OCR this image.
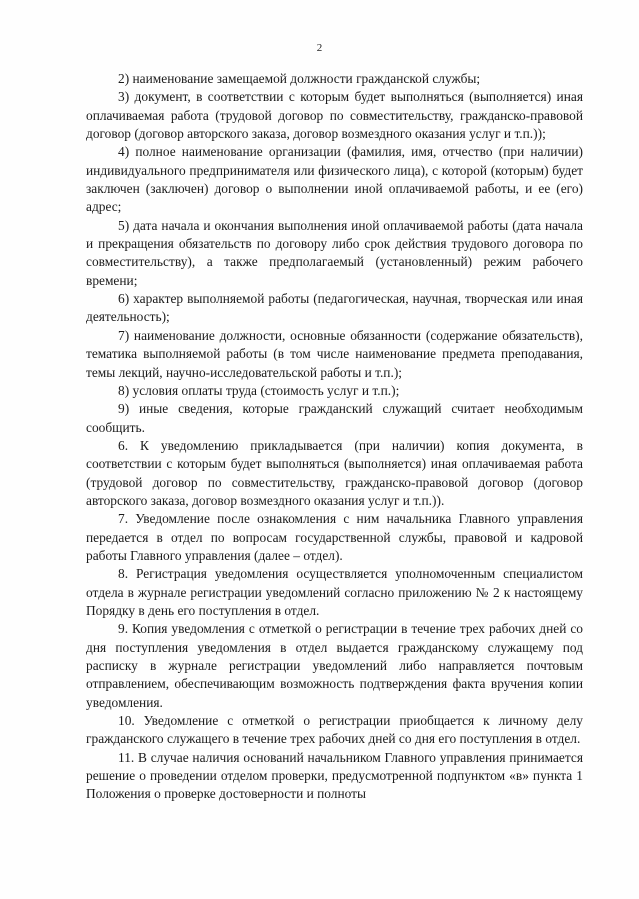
2

2) наименование замещаемой должности гражданской службы;

3) документ, в соответствии с которым будет выполняться (выполняется) иная оплачиваемая работа (трудовой договор по совместительству, гражданско-правовой договор (договор авторского заказа, договор возмездного оказания услуг и т.п.));

4) полное наименование организации (фамилия, имя, отчество (при наличии) индивидуального предпринимателя или физического лица), с которой (которым) будет заключен (заключен) договор о выполнении иной оплачиваемой работы, и ее (его) адрес;

5) дата начала и окончания выполнения иной оплачиваемой работы (дата начала и прекращения обязательств по договору либо срок действия трудового договора по совместительству), а также предполагаемый (установленный) режим рабочего времени;

6) характер выполняемой работы (педагогическая, научная, творческая или иная деятельность);

7) наименование должности, основные обязанности (содержание обязательств), тематика выполняемой работы (в том числе наименование предмета преподавания, темы лекций, научно-исследовательской работы и т.п.);

8) условия оплаты труда (стоимость услуг и т.п.);

9) иные сведения, которые гражданский служащий считает необходимым сообщить.

6. К уведомлению прикладывается (при наличии) копия документа, в соответствии с которым будет выполняться (выполняется) иная оплачиваемая работа (трудовой договор по совместительству, гражданско-правовой договор (договор авторского заказа, договор возмездного оказания услуг и т.п.)).

7. Уведомление после ознакомления с ним начальника Главного управления передается в отдел по вопросам государственной службы, правовой и кадровой работы Главного управления (далее – отдел).

8. Регистрация уведомления осуществляется уполномоченным специалистом отдела в журнале регистрации уведомлений согласно приложению № 2 к настоящему Порядку в день его поступления в отдел.

9. Копия уведомления с отметкой о регистрации в течение трех рабочих дней со дня поступления уведомления в отдел выдается гражданскому служащему под расписку в журнале регистрации уведомлений либо направляется почтовым отправлением, обеспечивающим возможность подтверждения факта вручения копии уведомления.

10. Уведомление с отметкой о регистрации приобщается к личному делу гражданского служащего в течение трех рабочих дней со дня его поступления в отдел.

11. В случае наличия оснований начальником Главного управления принимается решение о проведении отделом проверки, предусмотренной подпунктом «в» пункта 1 Положения о проверке достоверности и полноты
